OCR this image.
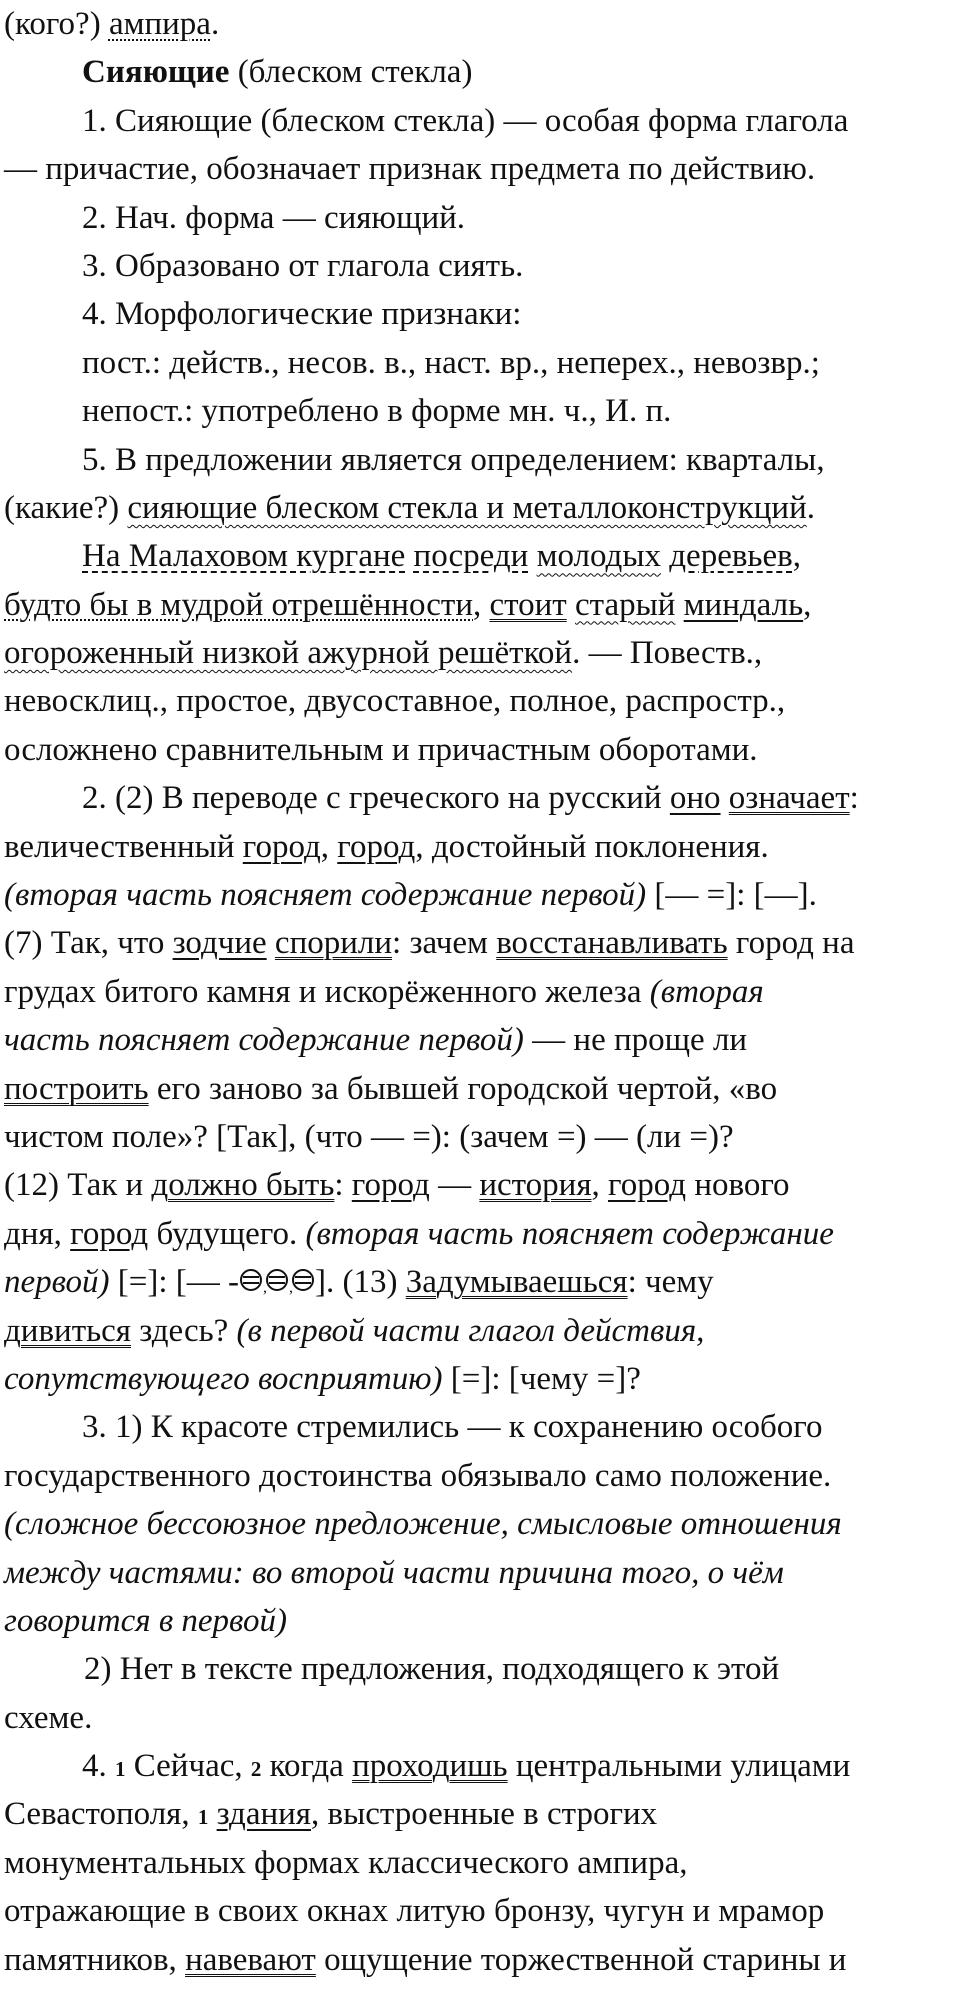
(кого?) ампира.
Сияющие (блеском стекла)
1. Сияющие (блеском стекла) — особая форма глагола
— причастие, обозначает признак предмета по действию.
2. Нач. форма — сияющий.
3. Образовано от глагола сиять.
4. Морфологические признаки:
пост.: действ., несов. в., наст. вр., неперех., невозвр.;
непост.: употреблено в форме мн. ч., И. п.
5. В предложении является определением: кварталы,
(какие?) сияющие блеском стекла и металлоконструкций.
На Малаховом кургане посреди молодых деревьев,
будто бы в мудрой отрешённости, стоит старый миндаль,
огороженный низкой ажурной решёткой. — Повеств.,
невосклиц., простое, двусоставное, полное, распростр.,
осложнено сравнительным и причастным оборотами.
2. (2) В переводе с греческого на русский оно означает:
величественный город, город, достойный поклонения.
(вторая часть поясняет содержание первой) [— =]: [—].
(7) Так, что зодчие спорили: зачем восстанавливать город на
грудах битого камня и искорёженного железа (вторая
часть поясняет содержание первой) — не проще ли
построить его заново за бывшей городской чертой, «во
чистом поле»? [Так], (что — =): (зачем =) — (ли =)?
(12) Так и должно быть: город — история, город нового
дня, город будущего. (вторая часть поясняет содержание
первой) [=]: [— - , , ]. (13) Задумываешься: чему
дивиться здесь? (в первой части глагол действия,
сопутствующего восприятию) [=]: [чему =]?
3. 1) К красоте стремились — к сохранению особого
государственного достоинства обязывало само положение.
(сложное бессоюзное предложение, смысловые отношения
между частями: во второй части причина того, о чём
говорится в первой)
2) Нет в тексте предложения, подходящего к этой
схеме.
4. 1 Сейчас, 2 когда проходишь центральными улицами
Севастополя, 1 здания, выстроенные в строгих
монументальных формах классического ампира,
отражающие в своих окнах литую бронзу, чугун и мрамор
памятников, навевают ощущение торжественной старины и
